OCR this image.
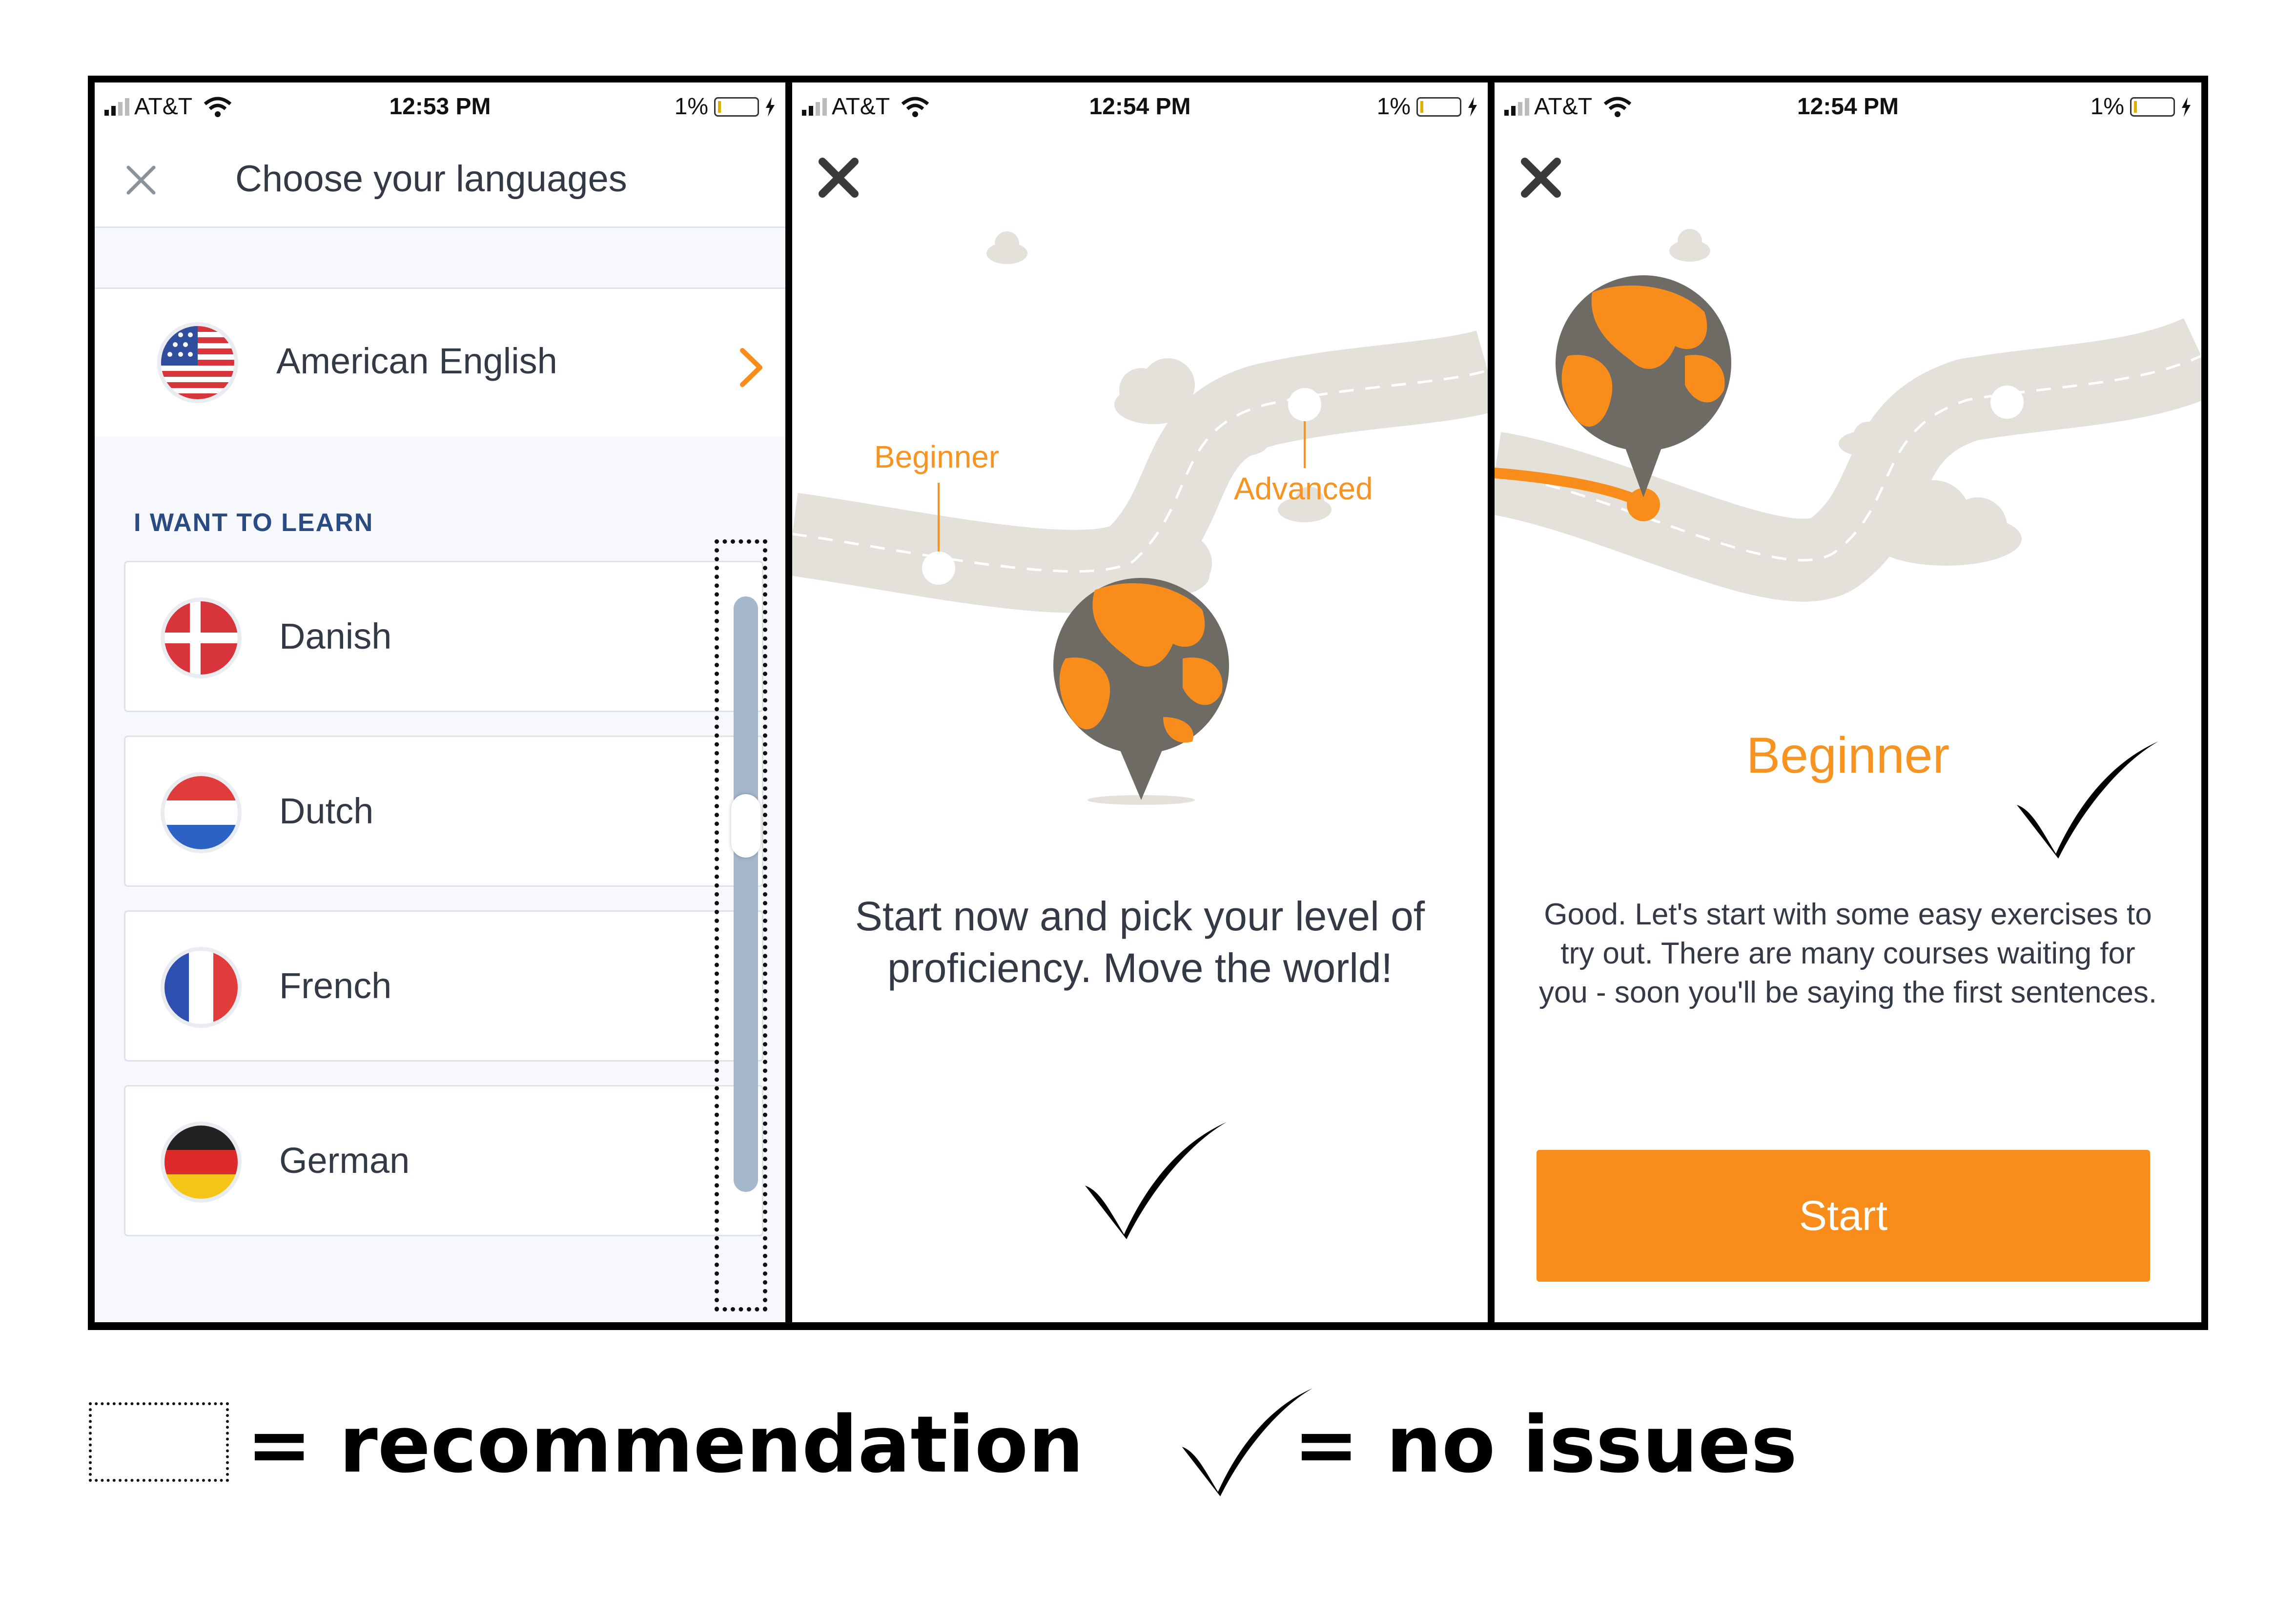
AT&T	12:53 PM	1%
Choose your languages
American English
I WANT TO LEARN
Danish
Dutch
French
German
AT&T	12:54 PM	1%
Beginner
Advanced
Start now and pick your level of proficiency. Move the world!
AT&T	12:54 PM	1%
Beginner
Good. Let's start with some easy exercises to try out. There are many courses waiting for you - soon you'll be saying the first sentences.
Start
= recommendation	= no issues
